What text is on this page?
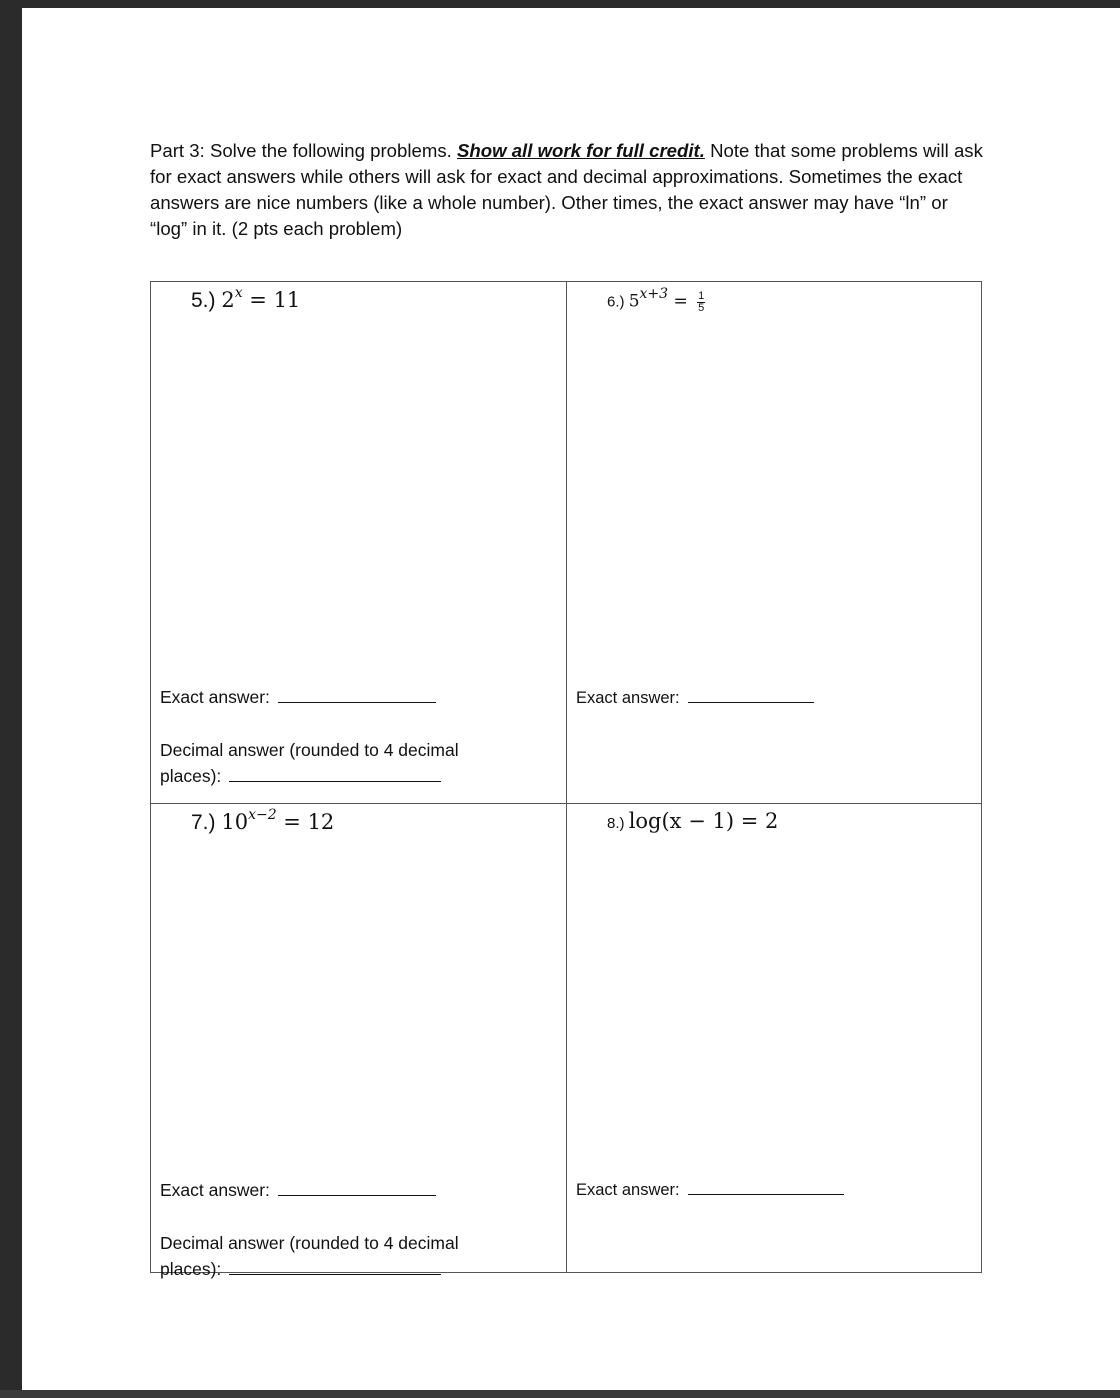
Part 3: Solve the following problems. Show all work for full credit. Note that some problems will ask for exact answers while others will ask for exact and decimal approximations. Sometimes the exact answers are nice numbers (like a whole number). Other times, the exact answer may have “ln” or “log” in it. (2 pts each problem)
5.) $2^x = 11$
Exact answer:
Decimal answer (rounded to 4 decimal
places):
6.) $5^{x+3} = \frac{1}{5}$
Exact answer:
7.) $10^{x-2} = 12$
Exact answer:
Decimal answer (rounded to 4 decimal
places):
8.) log(x − 1) = 2
Exact answer:
